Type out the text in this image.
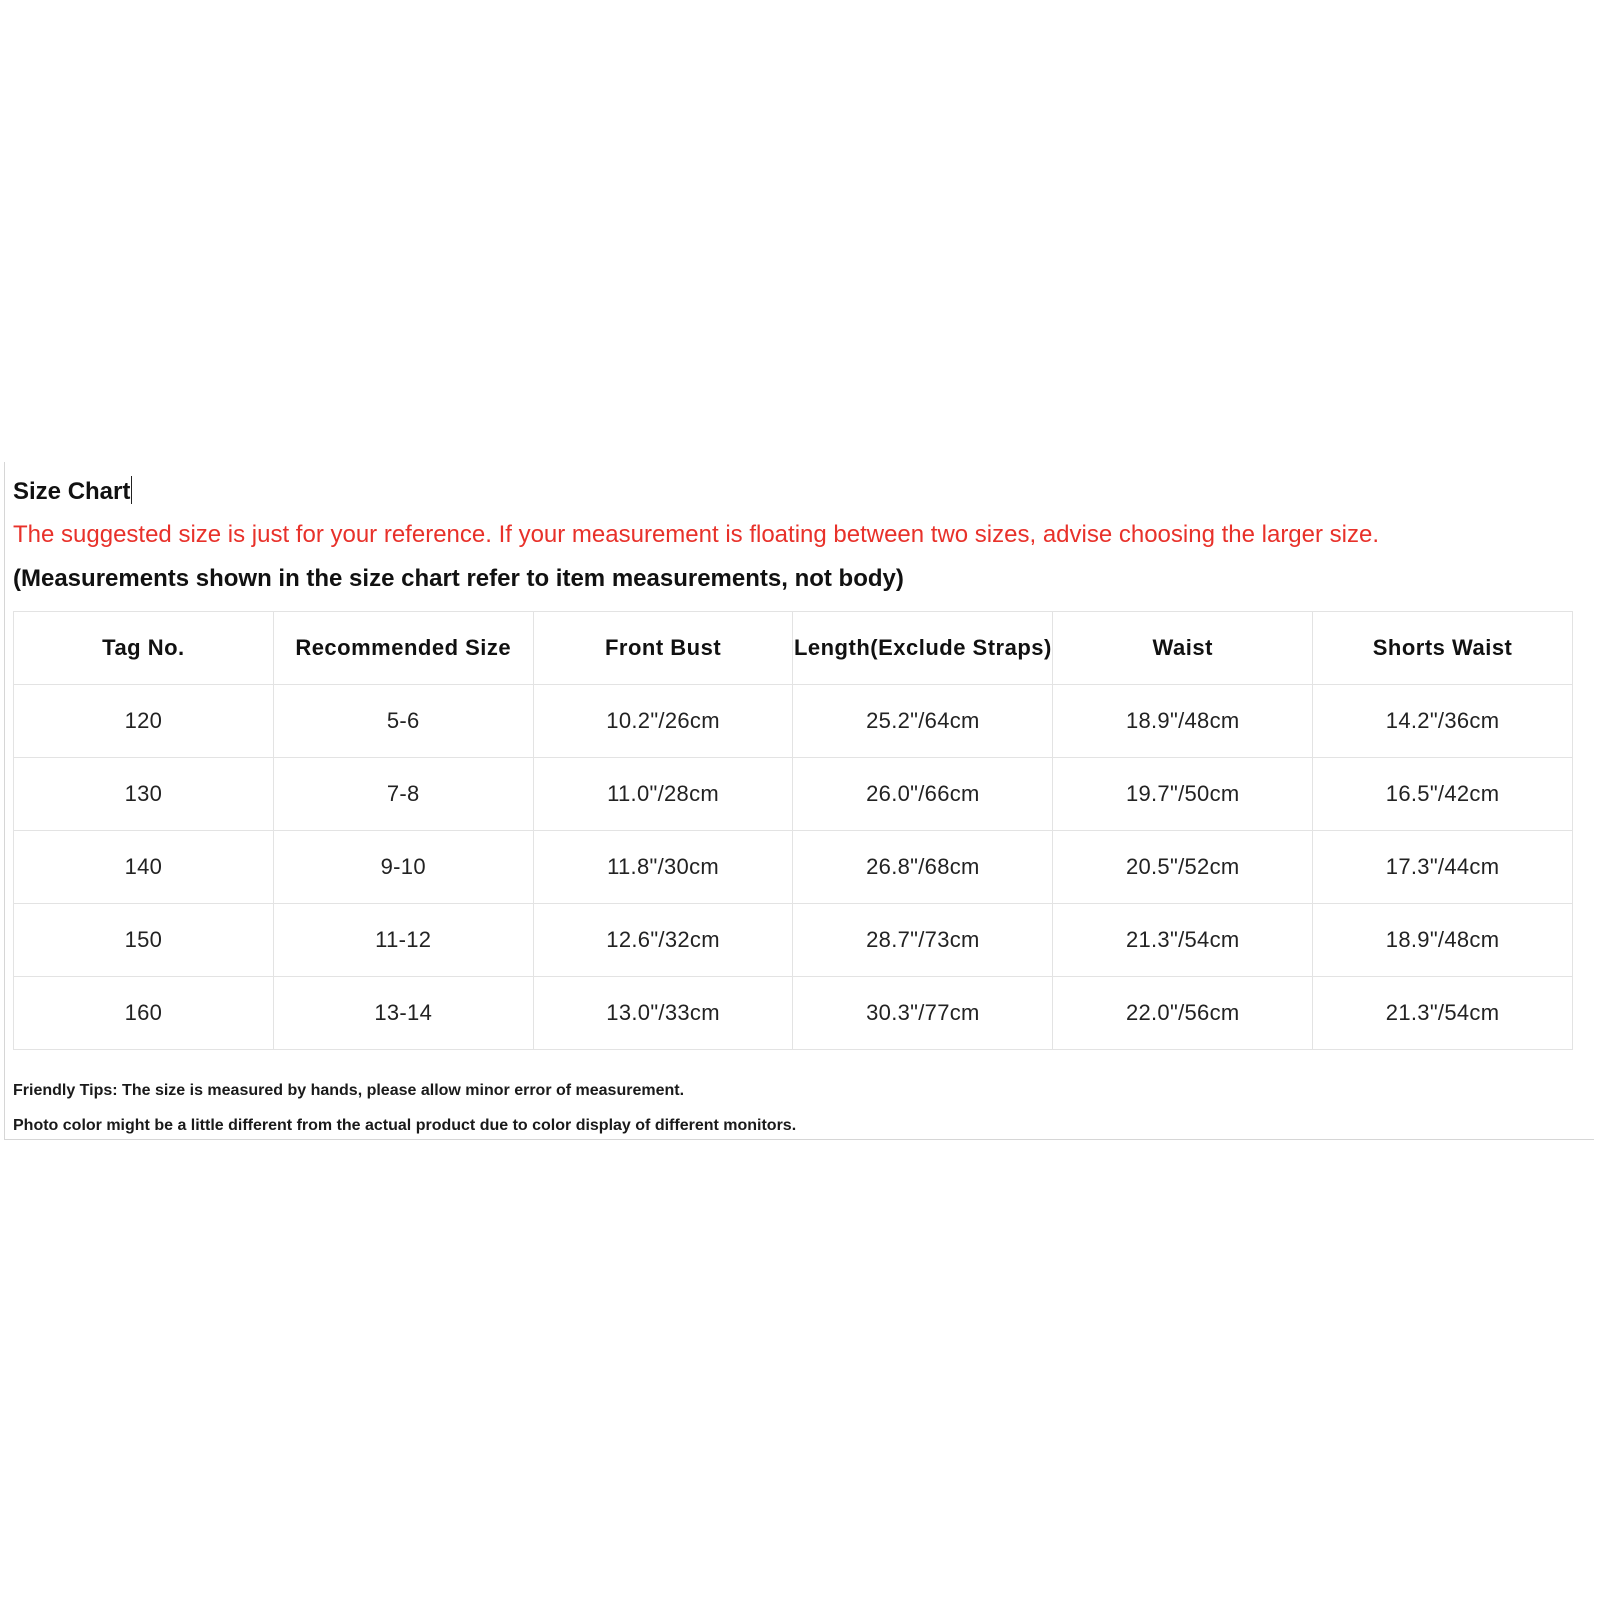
Size Chart
The suggested size is just for your reference. If your measurement is floating between two sizes, advise choosing the larger size.
(Measurements shown in the size chart refer to item measurements, not body)
Tag No.	Recommended Size	Front Bust	Length(Exclude Straps)	Waist	Shorts Waist
120	5-6	10.2"/26cm	25.2"/64cm	18.9"/48cm	14.2"/36cm
130	7-8	11.0"/28cm	26.0"/66cm	19.7"/50cm	16.5"/42cm
140	9-10	11.8"/30cm	26.8"/68cm	20.5"/52cm	17.3"/44cm
150	11-12	12.6"/32cm	28.7"/73cm	21.3"/54cm	18.9"/48cm
160	13-14	13.0"/33cm	30.3"/77cm	22.0"/56cm	21.3"/54cm
Friendly Tips: The size is measured by hands, please allow minor error of measurement.
Photo color might be a little different from the actual product due to color display of different monitors.
